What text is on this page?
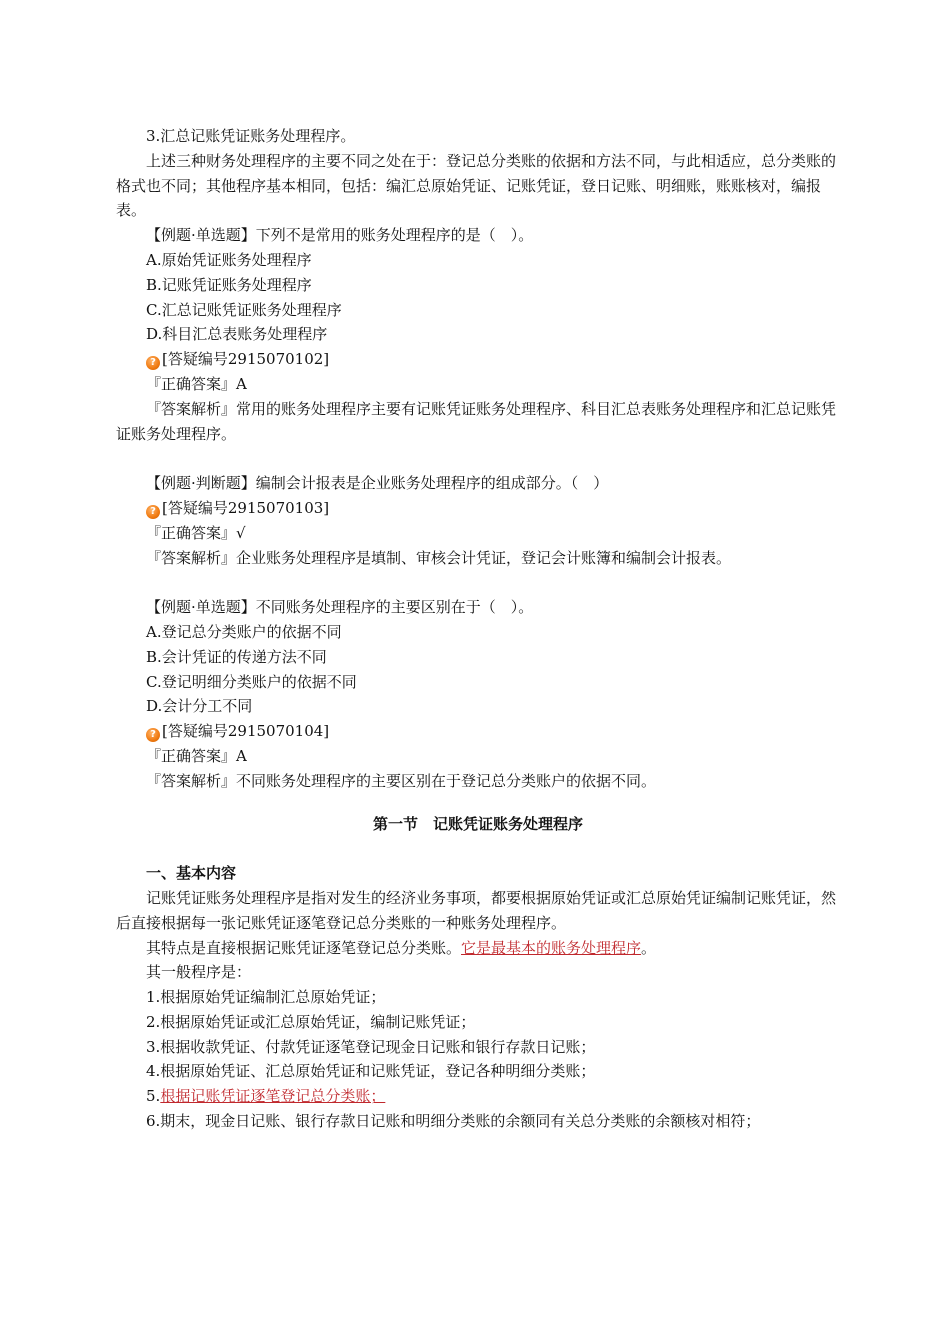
3.汇总记账凭证账务处理程序。

上述三种财务处理程序的主要不同之处在于：登记总分类账的依据和方法不同，与此相适应，总分类账的格式也不同；其他程序基本相同，包括：编汇总原始凭证、记账凭证，登日记账、明细账，账账核对，编报表。

【例题·单选题】下列不是常用的账务处理程序的是（　）。

A.原始凭证账务处理程序

B.记账凭证账务处理程序

C.汇总记账凭证账务处理程序

D.科目汇总表账务处理程序

? [答疑编号2915070102]

『正确答案』A

『答案解析』常用的账务处理程序主要有记账凭证账务处理程序、科目汇总表账务处理程序和汇总记账凭证账务处理程序。

【例题·判断题】编制会计报表是企业账务处理程序的组成部分。（　）

? [答疑编号2915070103]

『正确答案』√

『答案解析』企业账务处理程序是填制、审核会计凭证，登记会计账簿和编制会计报表。

【例题·单选题】不同账务处理程序的主要区别在于（　）。

A.登记总分类账户的依据不同

B.会计凭证的传递方法不同

C.登记明细分类账户的依据不同

D.会计分工不同

? [答疑编号2915070104]

『正确答案』A

『答案解析』不同账务处理程序的主要区别在于登记总分类账户的依据不同。

第一节　记账凭证账务处理程序

一、基本内容

记账凭证账务处理程序是指对发生的经济业务事项，都要根据原始凭证或汇总原始凭证编制记账凭证，然后直接根据每一张记账凭证逐笔登记总分类账的一种账务处理程序。

其特点是直接根据记账凭证逐笔登记总分类账。它是最基本的账务处理程序。

其一般程序是：

1.根据原始凭证编制汇总原始凭证；

2.根据原始凭证或汇总原始凭证，编制记账凭证；

3.根据收款凭证、付款凭证逐笔登记现金日记账和银行存款日记账；

4.根据原始凭证、汇总原始凭证和记账凭证，登记各种明细分类账；

5.根据记账凭证逐笔登记总分类账；

6.期末，现金日记账、银行存款日记账和明细分类账的余额同有关总分类账的余额核对相符；
